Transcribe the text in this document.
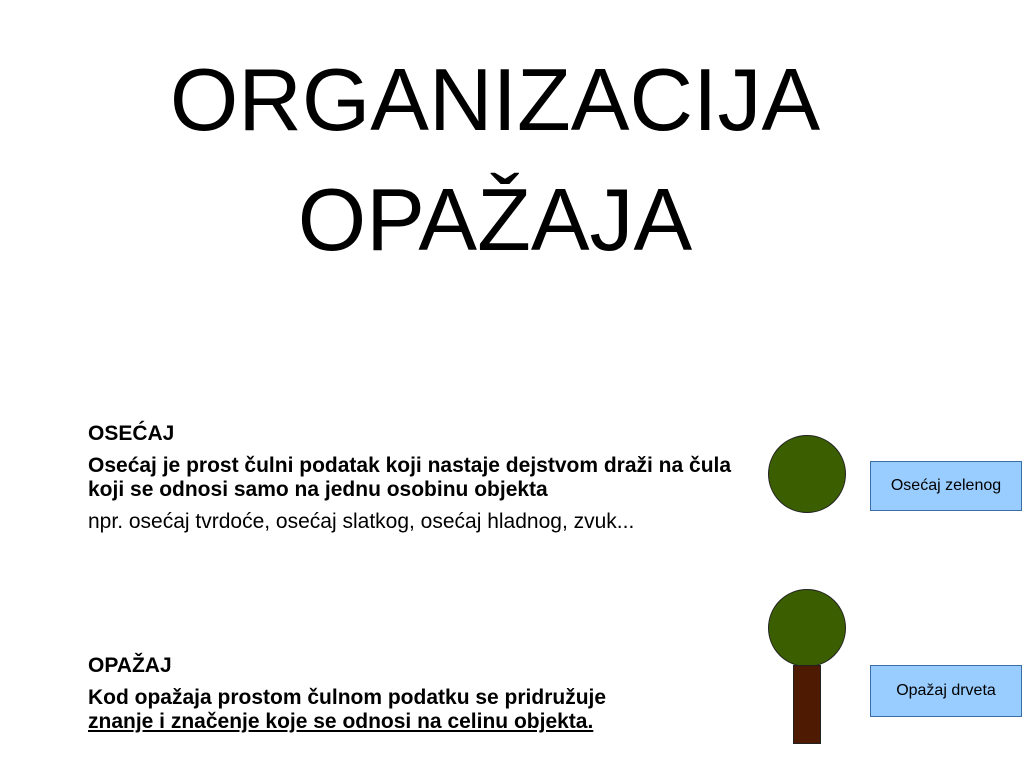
ORGANIZACIJA
OPAŽAJA
OSEĆAJ
Osećaj je prost čulni podatak koji nastaje dejstvom draži na čula koji se odnosi samo na jednu osobinu objekta
npr. osećaj tvrdoće, osećaj slatkog, osećaj hladnog, zvuk...
OPAŽAJ
Kod opažaja prostom čulnom podatku se pridružuje
znanje i značenje koje se odnosi na celinu objekta.
Osećaj zelenog
Opažaj drveta
